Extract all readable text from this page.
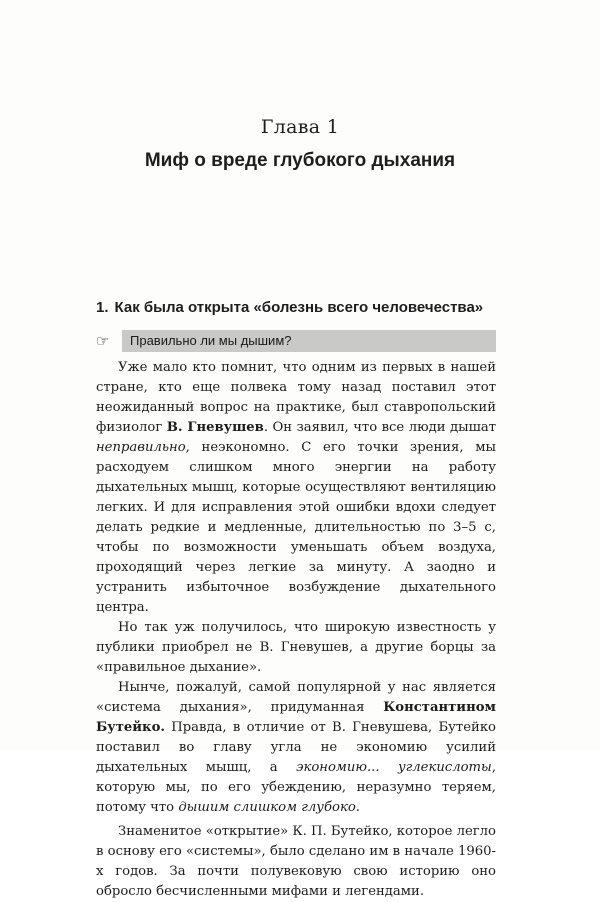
Глава 1
Миф о вреде глубокого дыхания
1. Как была открыта «болезнь всего человечества»
☞	Правильно ли мы дышим?

Уже мало кто помнит, что одним из первых в нашей стране, кто еще полвека тому назад поставил этот неожиданный вопрос на практике, был ставропольский физиолог В. Гневушев. Он заявил, что все люди дышат неправильно, неэкономно. С его точки зрения, мы расходуем слишком много энергии на работу дыхательных мышц, которые осуществляют вентиляцию легких. И для исправления этой ошибки вдохи следует делать редкие и медленные, длительностью по 3–5 с, чтобы по возможности уменьшать объем воздуха, проходящий через легкие за минуту. А заодно и устранить избыточное возбуждение дыхательного центра.

Но так уж получилось, что широкую известность у публики приобрел не В. Гневушев, а другие борцы за «правильное дыхание».

Нынче, пожалуй, самой популярной у нас является «система дыхания», придуманная Константином Бутейко. Правда, в отличие от В. Гневушева, Бутейко поставил во главу угла не экономию усилий дыхательных мышц, а экономию... углекислоты, которую мы, по его убеждению, неразумно теряем, потому что дышим слишком глубоко.

Знаменитое «открытие» К. П. Бутейко, которое легло в основу его «системы», было сделано им в начале 1960-х годов. За почти полувековую свою историю оно обросло бесчисленными мифами и легендами.
